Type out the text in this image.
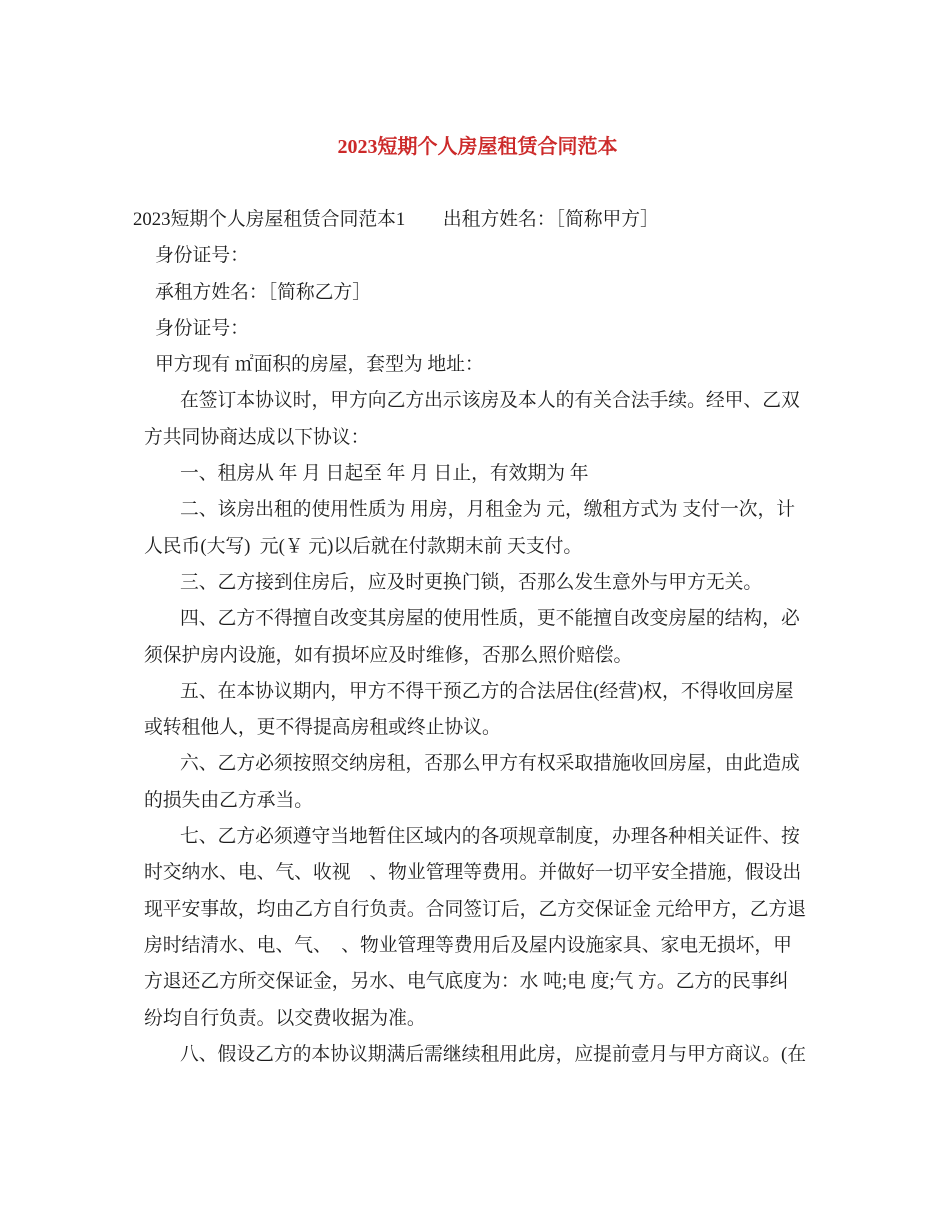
2023短期个人房屋租赁合同范本
2023短期个人房屋租赁合同范本1　　出租方姓名：［简称甲方］
身份证号：
承租方姓名：［简称乙方］
身份证号：
甲方现有 ㎡面积的房屋，套型为 地址：
在签订本协议时，甲方向乙方出示该房及本人的有关合法手续。经甲、乙双
方共同协商达成以下协议：
一、租房从 年 月 日起至 年 月 日止，有效期为 年
二、该房出租的使用性质为 用房，月租金为 元，缴租方式为 支付一次，计
人民币(大写)  元(￥ 元)以后就在付款期末前 天支付。
三、乙方接到住房后，应及时更换门锁，否那么发生意外与甲方无关。
四、乙方不得擅自改变其房屋的使用性质，更不能擅自改变房屋的结构，必
须保护房内设施，如有损坏应及时维修，否那么照价赔偿。
五、在本协议期内，甲方不得干预乙方的合法居住(经营)权，不得收回房屋
或转租他人，更不得提高房租或终止协议。
六、乙方必须按照交纳房租，否那么甲方有权采取措施收回房屋，由此造成
的损失由乙方承当。
七、乙方必须遵守当地暂住区域内的各项规章制度，办理各种相关证件、按
时交纳水、电、气、收视　、物业管理等费用。并做好一切平安全措施，假设出
现平安事故，均由乙方自行负责。合同签订后，乙方交保证金 元给甲方，乙方退
房时结清水、电、气、　、物业管理等费用后及屋内设施家具、家电无损坏，甲
方退还乙方所交保证金，另水、电气底度为：水 吨;电 度;气 方。乙方的民事纠
纷均自行负责。以交费收据为准。
八、假设乙方的本协议期满后需继续租用此房，应提前壹月与甲方商议。(在
